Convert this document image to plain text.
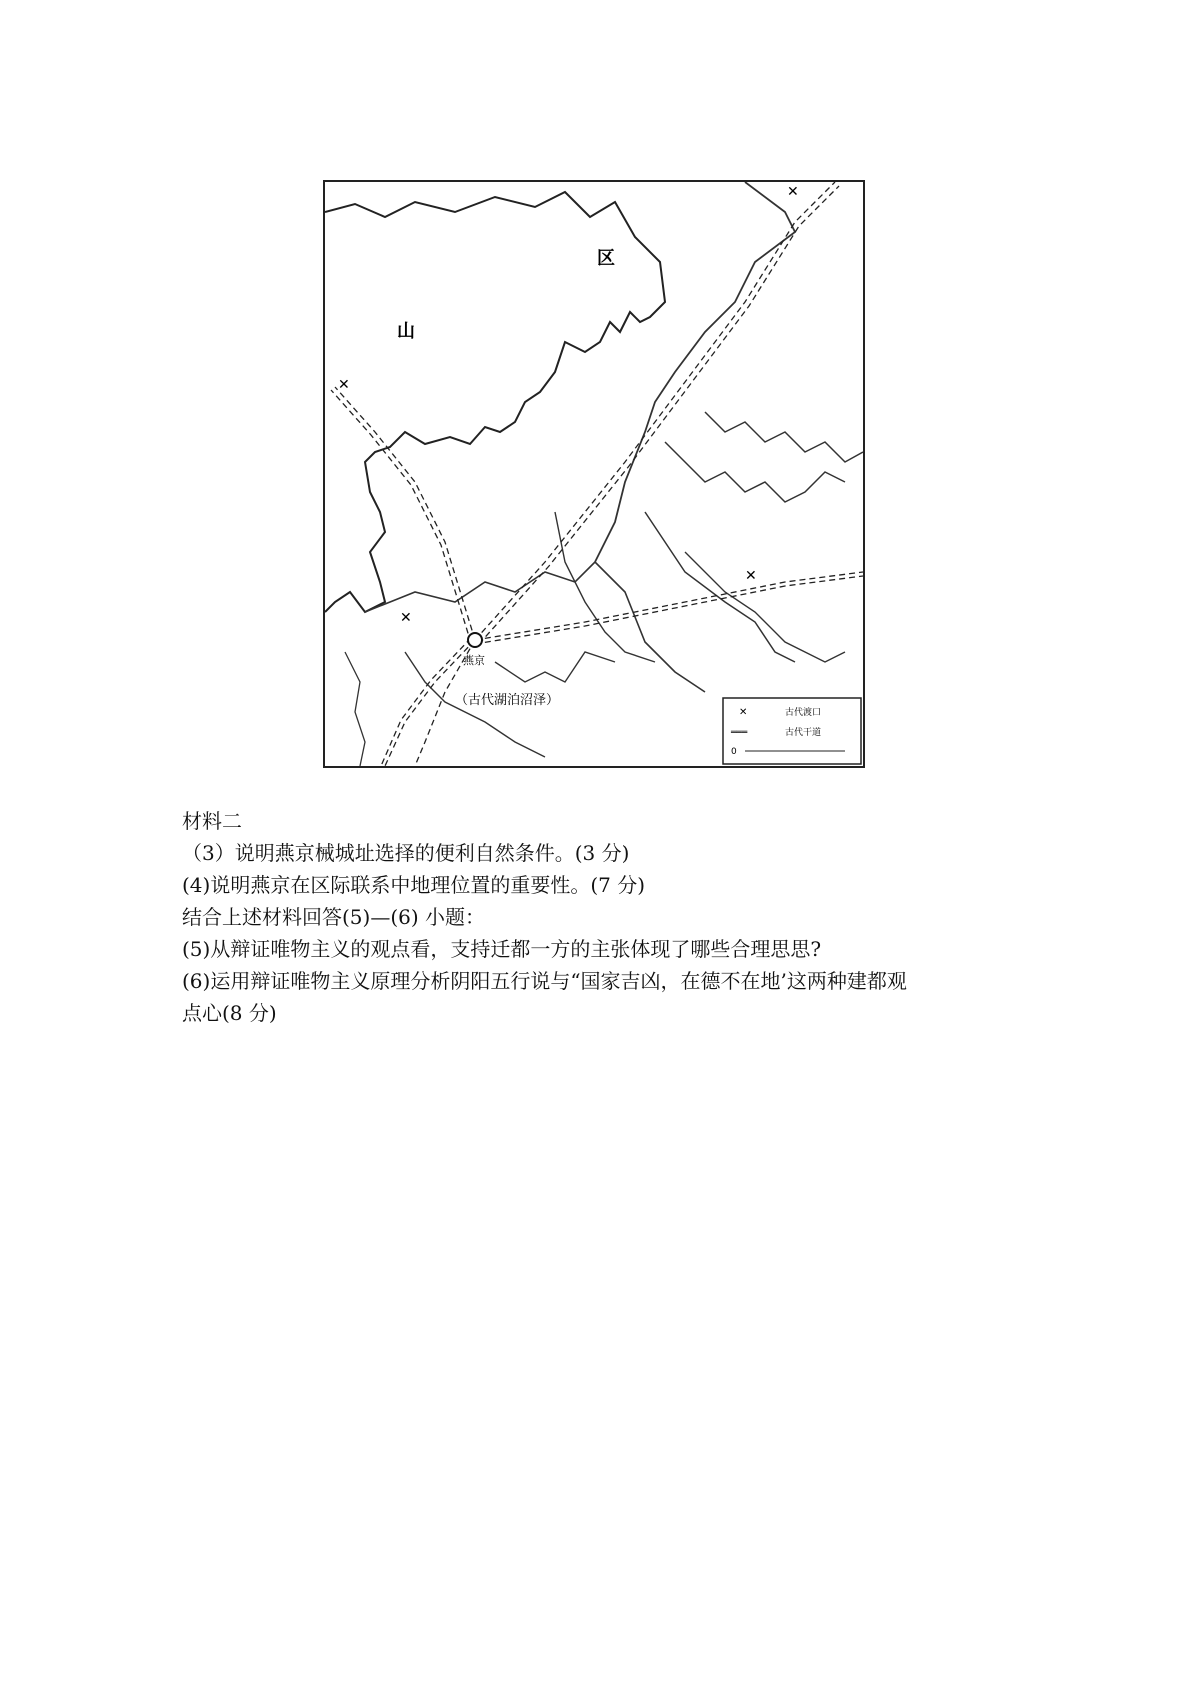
✕
✕
✕
✕
区
山
燕京
（古代湖泊沼泽）
✕	古代渡口
═══	古代干道
0
材料二
（3）说明燕京械城址选择的便利自然条件。(3 分)
(4)说明燕京在区际联系中地理位置的重要性。(7 分)
结合上述材料回答(5)—(6) 小题：
(5)从辩证唯物主义的观点看，支持迁都一方的主张体现了哪些合理思思?
(6)运用辩证唯物主义原理分析阴阳五行说与“国家吉凶，在德不在地’这两种建都观
点心(8 分)
